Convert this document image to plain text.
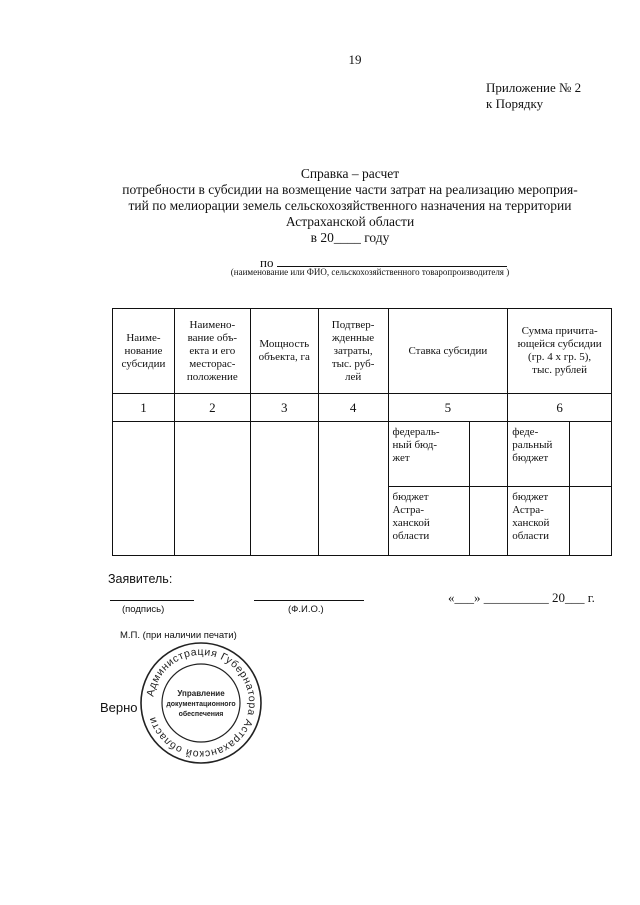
19
Приложение № 2
к Порядку
Справка – расчет
потребности в субсидии на возмещение части затрат на реализацию мероприя-
тий по мелиорации земель сельскохозяйственного назначения на территории
Астраханской области
в 20____ году
по
(наименование или ФИО, сельскохозяйственного товаропроизводителя )
Наиме-
нование
субсидии	Наимено-
вание объ-
екта и его
месторас-
положение	Мощность
объекта, га	Подтвер-
жденные
затраты,
тыс. руб-
лей	Ставка субсидии		Сумма причита-
ющейся субсидии
(гр. 4 х гр. 5),
тыс. рублей	
1	2	3	4	5		6	
				федераль-
ный бюд-
жет		феде-
ральный
бюджет	
				бюджет
Астра-
ханской
области		бюджет
Астра-
ханской
области	
Заявитель:
(подпись)	(Ф.И.О.)
«___» __________ 20___ г.
М.П. (при наличии печати)
Верно
Администрация Губернатора Астраханской области
Управление
документационного
обеспечения
